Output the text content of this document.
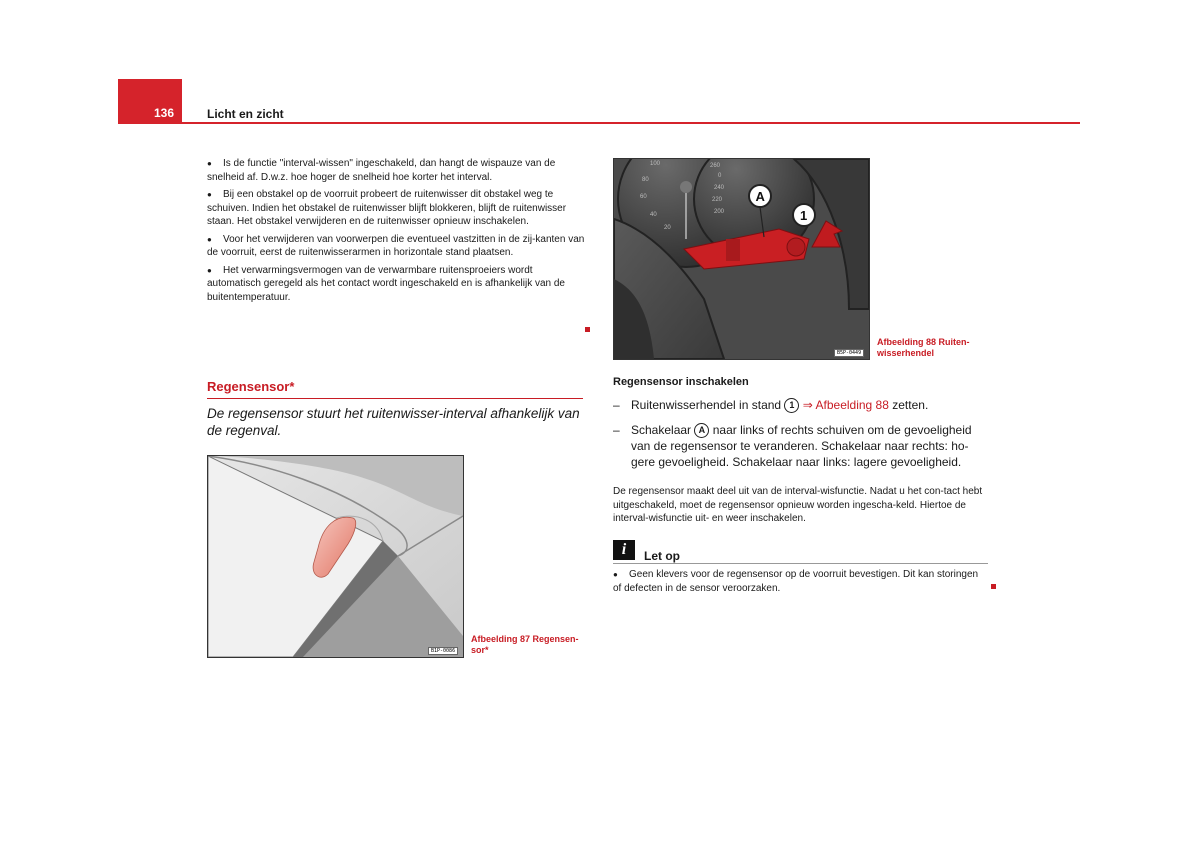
136	Licht en zicht
● Is de functie "interval-wissen" ingeschakeld, dan hangt de wispauze van de snelheid af. D.w.z. hoe hoger de snelheid hoe korter het interval.
● Bij een obstakel op de voorruit probeert de ruitenwisser dit obstakel weg te schuiven. Indien het obstakel de ruitenwisser blijft blokkeren, blijft de ruitenwisser staan. Het obstakel verwijderen en de ruitenwisser opnieuw inschakelen.
● Voor het verwijderen van voorwerpen die eventueel vastzitten in de zij-kanten van de voorruit, eerst de ruitenwisserarmen in horizontale stand plaatsen.
● Het verwarmingsvermogen van de verwarmbare ruitensproeiers wordt automatisch geregeld als het contact wordt ingeschakeld en is afhankelijk van de buitentemperatuur.
Regensensor*
De regensensor stuurt het ruitenwisser-interval afhankelijk van de regenval.
B1P-0086
Afbeelding 87 Regensen-
sor*
100
80
60
40
20
0
240
220
200
260
A
1
B5P-0449
Afbeelding 88 Ruiten-
wisserhendel
Regensensor inschakelen
– Ruitenwisserhendel in stand 1 ⇒ Afbeelding 88 zetten.
– Schakelaar A naar links of rechts schuiven om de gevoeligheid van de regensensor te veranderen. Schakelaar naar rechts: ho-gere gevoeligheid. Schakelaar naar links: lagere gevoeligheid.
De regensensor maakt deel uit van de interval-wisfunctie. Nadat u het con-tact hebt uitgeschakeld, moet de regensensor opnieuw worden ingescha-keld. Hiertoe de interval-wisfunctie uit- en weer inschakelen.
i	Let op
● Geen klevers voor de regensensor op de voorruit bevestigen. Dit kan storingen of defecten in de sensor veroorzaken.
